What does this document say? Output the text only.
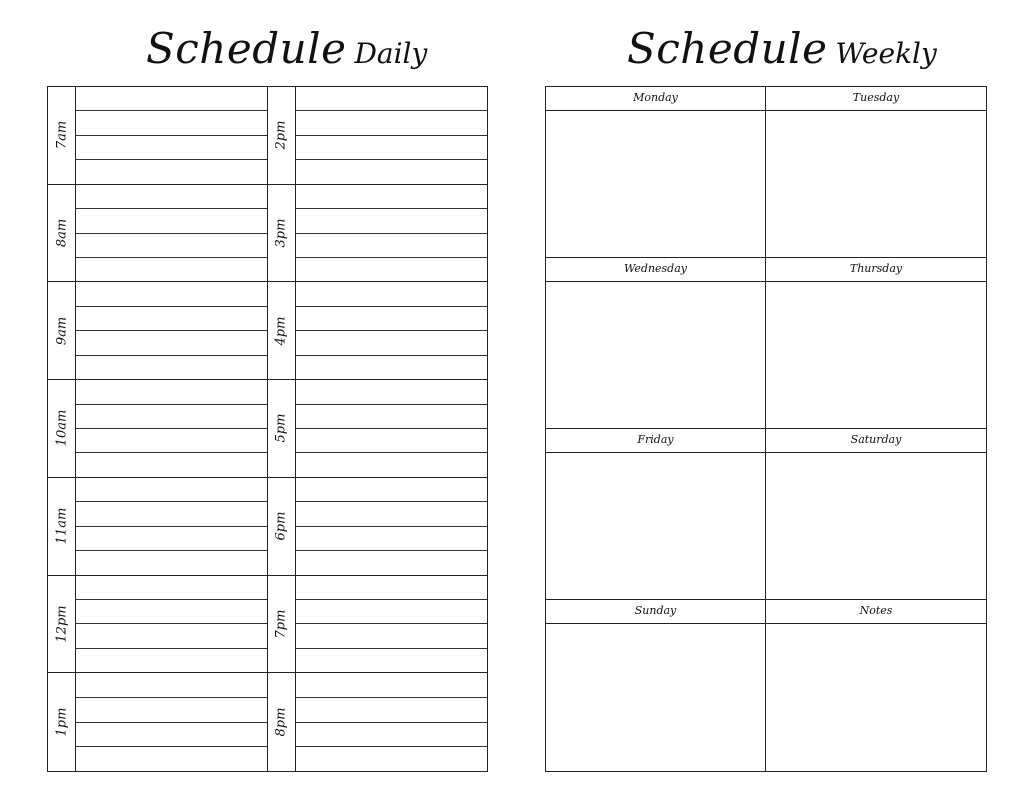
Schedule Daily	Schedule Weekly
7am	2pm
8am	3pm
9am	4pm
10am	5pm
11am	6pm
12pm	7pm
1pm	8pm
Monday	Tuesday
Wednesday	Thursday
Friday	Saturday
Sunday	Notes
